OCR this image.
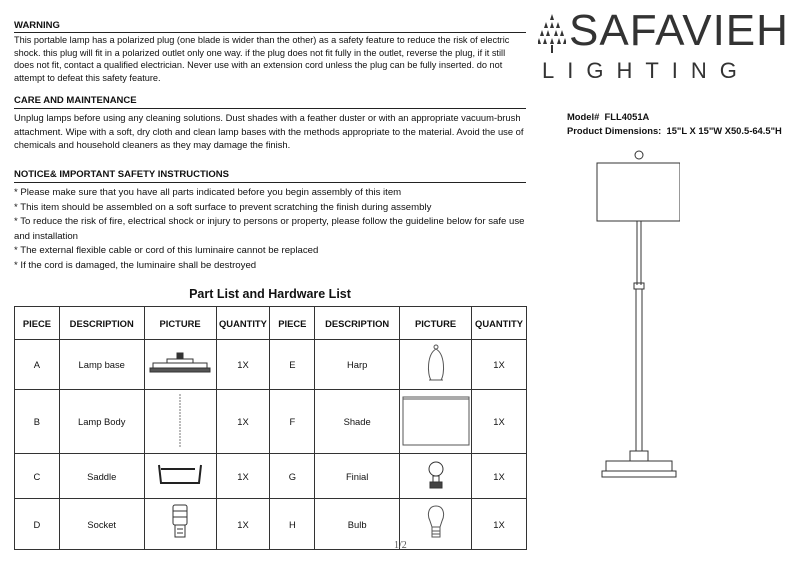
WARNING
This portable lamp has a polarized plug (one blade is wider than the other) as a safety feature to reduce the risk of electric shock. this plug will fit in a polarized outlet only one way. if the plug does not fit fully in the outlet, reverse the plug, if it still does not fit, contact a qualified electrician. Never use with an extension cord unless the plug can be fully inserted. do not attempt to defeat this safety feature.
CARE AND MAINTENANCE
Unplug lamps before using any cleaning solutions. Dust shades with a feather duster or with an appropriate vacuum-brush attachment. Wipe with a soft, dry cloth and clean lamp bases with the methods appropriate to the material. Avoid the use of chemicals and household cleaners as they may damage the finish.
NOTICE& IMPORTANT SAFETY INSTRUCTIONS
* Please make sure that you have all parts indicated before you begin assembly of this item
* This item should be assembled on a soft surface to prevent scratching the finish during assembly
* To reduce the risk of fire, electrical shock or injury to persons or property, please follow the guideline below for safe use and installation
* The external flexible cable or cord of this luminaire cannot be replaced
* If the cord is damaged, the luminaire shall be destroyed
SAFAVIEH
LIGHTING
Model# FLL4051A
Product Dimensions: 15"L X 15"W X50.5-64.5"H
Part List and Hardware List
PIECE	DESCRIPTION	PICTURE	QUANTITY	PIECE	DESCRIPTION	PICTURE	QUANTITY
A	Lamp base		1X	E	Harp		1X
B	Lamp Body		1X	F	Shade		1X
C	Saddle		1X	G	Finial		1X
D	Socket		1X	H	Bulb		1X
1/2
